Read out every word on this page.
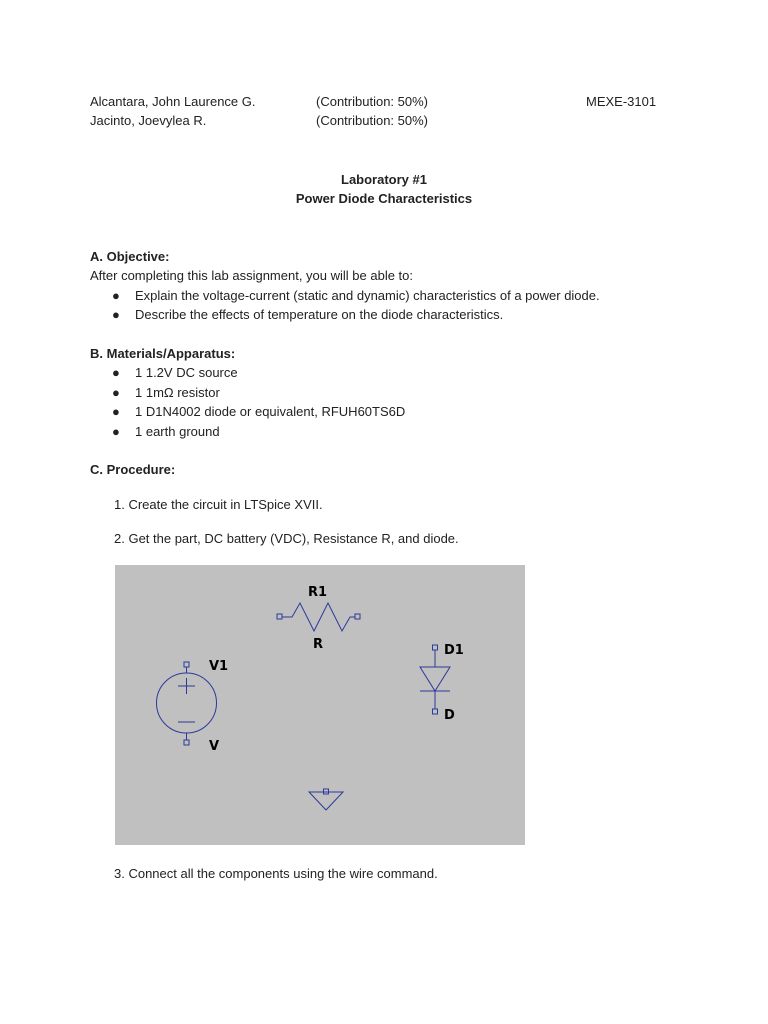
Alcantara, John Laurence G.	(Contribution: 50%)	MEXE-3101
Jacinto, Joevylea R.	(Contribution: 50%)
Laboratory #1
Power Diode Characteristics
A. Objective:
After completing this lab assignment, you will be able to:
● Explain the voltage-current (static and dynamic) characteristics of a power diode.
● Describe the effects of temperature on the diode characteristics.
B. Materials/Apparatus:
● 1 1.2V DC source
● 1 1mΩ resistor
● 1 D1N4002 diode or equivalent, RFUH60TS6D
● 1 earth ground
C. Procedure:
1. Create the circuit in LTSpice XVII.
2. Get the part, DC battery (VDC), Resistance R, and diode.
R1
R
V1
V
D1
D
3. Connect all the components using the wire command.
